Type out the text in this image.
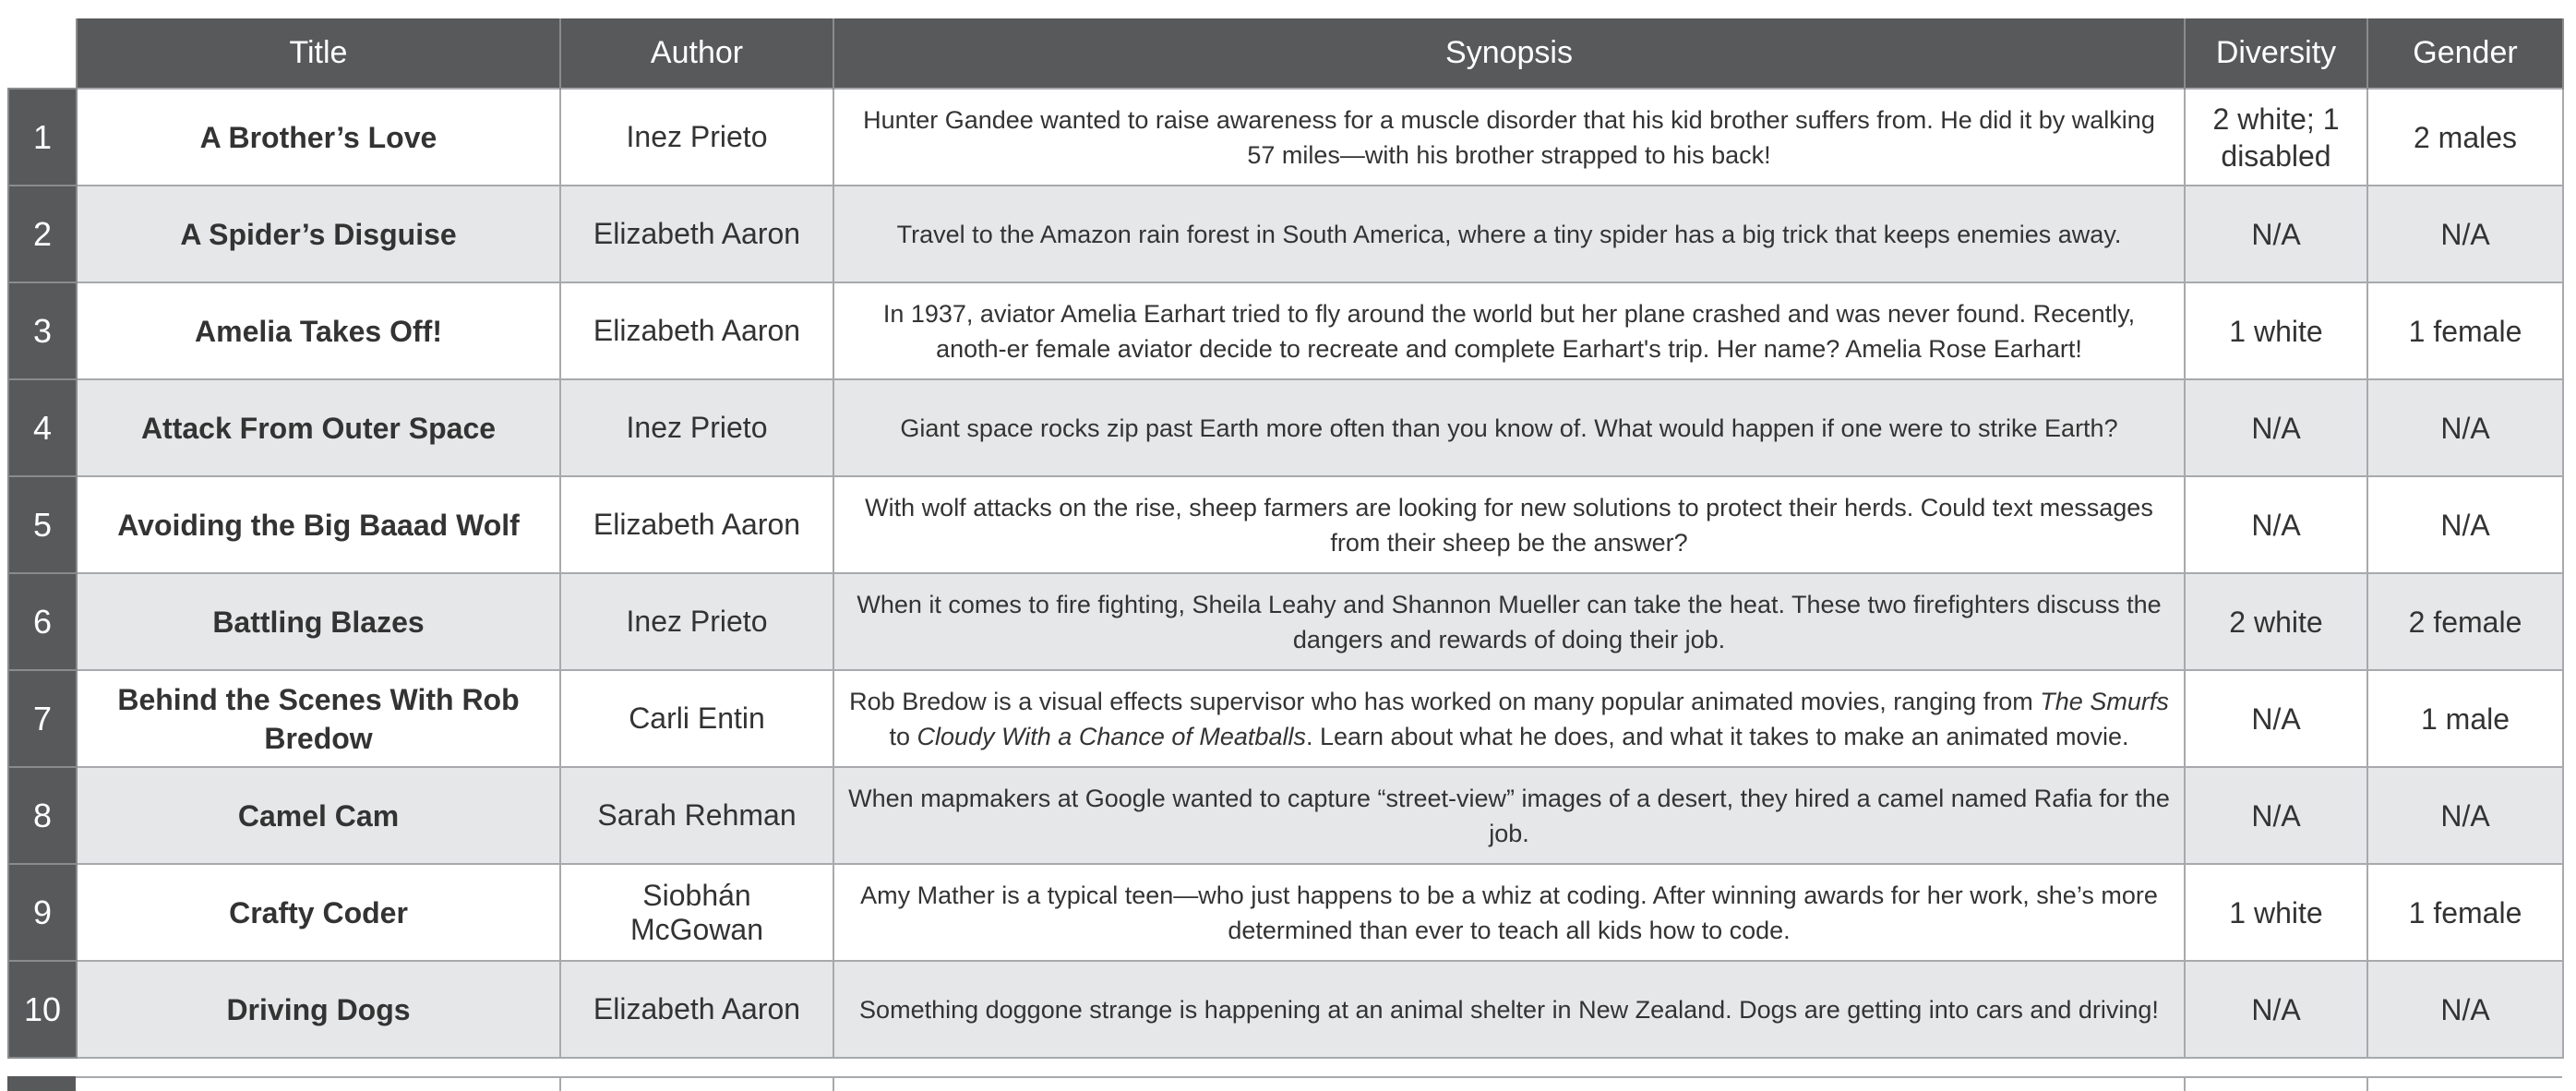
	Title	Author	Synopsis	Diversity	Gender
1	A Brother’s Love	Inez Prieto	Hunter Gandee wanted to raise awareness for a muscle disorder that his kid brother suffers from. He did it by walking 57 miles—with his brother strapped to his back!	2 white; 1 disabled	2 males
2	A Spider’s Disguise	Elizabeth Aaron	Travel to the Amazon rain forest in South America, where a tiny spider has a big trick that keeps enemies away.	N/A	N/A
3	Amelia Takes Off!	Elizabeth Aaron	In 1937, aviator Amelia Earhart tried to fly around the world but her plane crashed and was never found. Recently, anoth-er female aviator decide to recreate and complete Earhart's trip. Her name? Amelia Rose Earhart!	1 white	1 female
4	Attack From Outer Space	Inez Prieto	Giant space rocks zip past Earth more often than you know of. What would happen if one were to strike Earth?	N/A	N/A
5	Avoiding the Big Baaad Wolf	Elizabeth Aaron	With wolf attacks on the rise, sheep farmers are looking for new solutions to protect their herds. Could text messages from their sheep be the answer?	N/A	N/A
6	Battling Blazes	Inez Prieto	When it comes to fire fighting, Sheila Leahy and Shannon Mueller can take the heat. These two firefighters discuss the dangers and rewards of doing their job.	2 white	2 female
7	Behind the Scenes With Rob Bredow	Carli Entin	Rob Bredow is a visual effects supervisor who has worked on many popular animated movies, ranging from The Smurfs to Cloudy With a Chance of Meatballs. Learn about what he does, and what it takes to make an animated movie.	N/A	1 male
8	Camel Cam	Sarah Rehman	When mapmakers at Google wanted to capture “street-view” images of a desert, they hired a camel named Rafia for the job.	N/A	N/A
9	Crafty Coder	Siobhán McGowan	Amy Mather is a typical teen—who just happens to be a whiz at coding. After winning awards for her work, she’s more determined than ever to teach all kids how to code.	1 white	1 female
10	Driving Dogs	Elizabeth Aaron	Something doggone strange is happening at an animal shelter in New Zealand. Dogs are getting into cars and driving!	N/A	N/A
